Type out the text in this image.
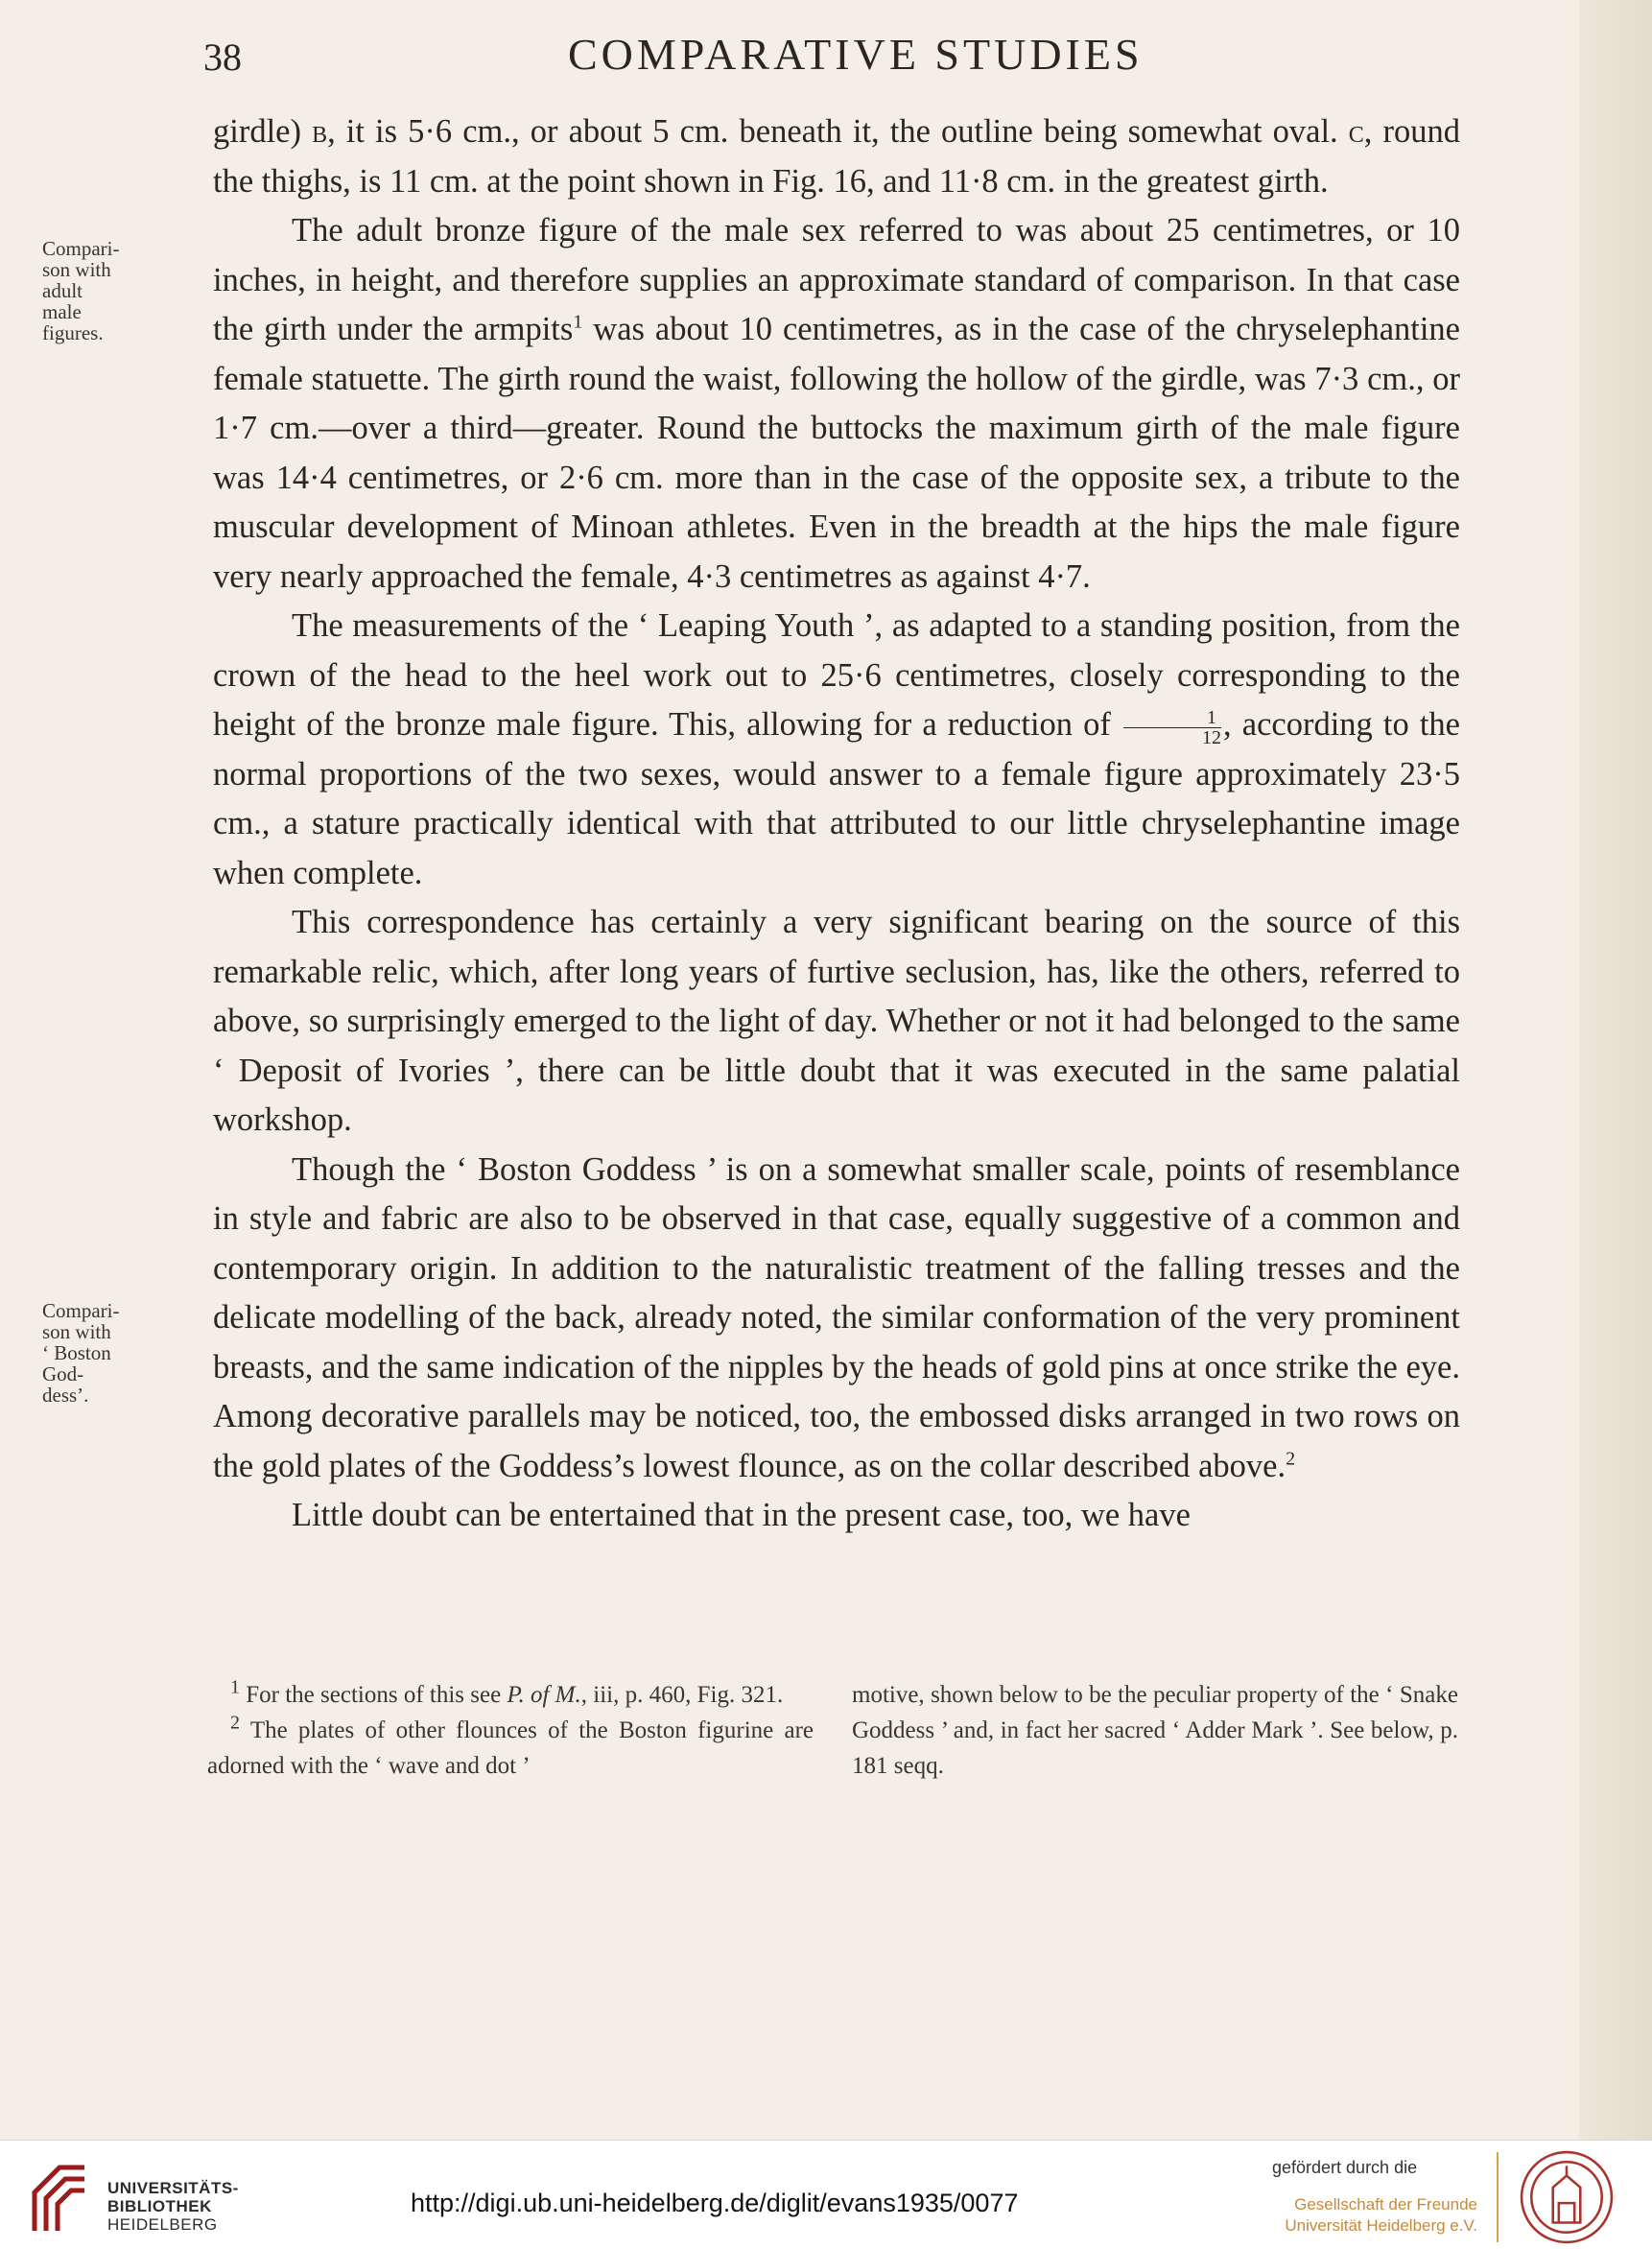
38	COMPARATIVE STUDIES
Compari-
son with
adult
male
figures.
Compari-
son with
‘ Boston
God-
dess’.

girdle) b, it is 5·6 cm., or about 5 cm. beneath it, the outline being somewhat oval. c, round the thighs, is 11 cm. at the point shown in Fig. 16, and 11·8 cm. in the greatest girth.

The adult bronze figure of the male sex referred to was about 25 centimetres, or 10 inches, in height, and therefore supplies an approximate standard of comparison. In that case the girth under the armpits$^1$ was about 10 centimetres, as in the case of the chryselephantine female statuette. The girth round the waist, following the hollow of the girdle, was 7·3 cm., or 1·7 cm.—over a third—greater. Round the buttocks the maximum girth of the male figure was 14·4 centimetres, or 2·6 cm. more than in the case of the opposite sex, a tribute to the muscular development of Minoan athletes. Even in the breadth at the hips the male figure very nearly approached the female, 4·3 centimetres as against 4·7.

The measurements of the ‘ Leaping Youth ’, as adapted to a standing position, from the crown of the head to the heel work out to 25·6 centimetres, closely corresponding to the height of the bronze male figure. This, allowing for a reduction of $\frac{1}{12}$ , according to the normal proportions of the two sexes, would answer to a female figure approximately 23·5 cm., a stature practically identical with that attributed to our little chryselephantine image when complete.

This correspondence has certainly a very significant bearing on the source of this remarkable relic, which, after long years of furtive seclusion, has, like the others, referred to above, so surprisingly emerged to the light of day. Whether or not it had belonged to the same ‘ Deposit of Ivories ’, there can be little doubt that it was executed in the same palatial workshop.

Though the ‘ Boston Goddess ’ is on a somewhat smaller scale, points of resemblance in style and fabric are also to be observed in that case, equally suggestive of a common and contemporary origin. In addition to the naturalistic treatment of the falling tresses and the delicate modelling of the back, already noted, the similar conformation of the very prominent breasts, and the same indication of the nipples by the heads of gold pins at once strike the eye. Among decorative parallels may be noticed, too, the embossed disks arranged in two rows on the gold plates of the Goddess’s lowest flounce, as on the collar described above.$^2$

Little doubt can be entertained that in the present case, too, we have

$^1$ For the sections of this see P. of M., iii, p. 460, Fig. 321.

$^2$ The plates of other flounces of the Boston figurine are adorned with the ‘ wave and dot ’

motive, shown below to be the peculiar property of the ‘ Snake Goddess ’ and, in fact her sacred ‘ Adder Mark ’. See below, p. 181 seqq.

UNIVERSITÄTS-
BIBLIOTHEK
HEIDELBERG
http://digi.ub.uni-heidelberg.de/diglit/evans1935/0077
gefördert durch die
Gesellschaft der Freunde
Universität Heidelberg e.V.
